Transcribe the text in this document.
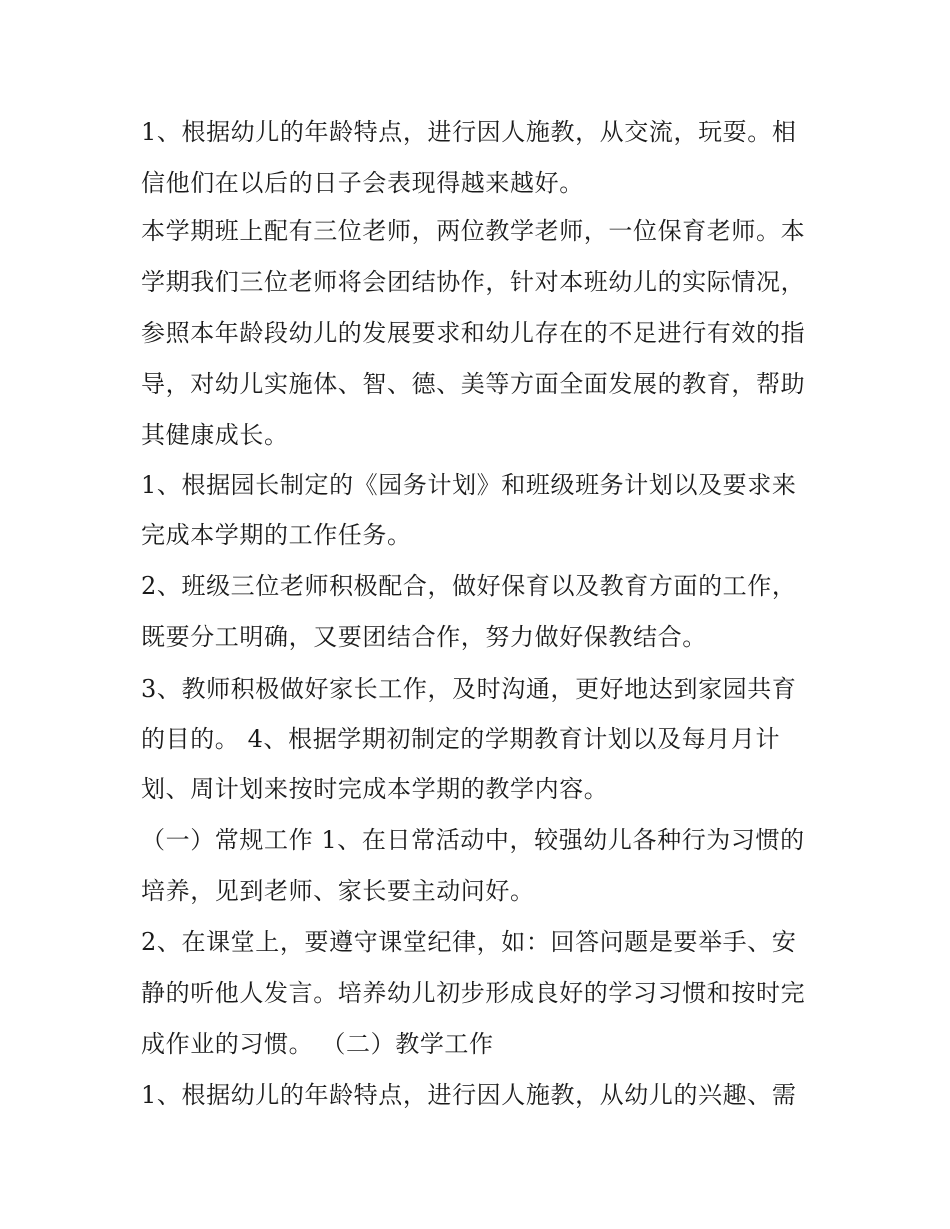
1、根据幼儿的年龄特点，进行因人施教，从交流，玩耍。相
信他们在以后的日子会表现得越来越好。
本学期班上配有三位老师，两位教学老师，一位保育老师。本
学期我们三位老师将会团结协作，针对本班幼儿的实际情况，
参照本年龄段幼儿的发展要求和幼儿存在的不足进行有效的指
导，对幼儿实施体、智、德、美等方面全面发展的教育，帮助
其健康成长。
1、根据园长制定的《园务计划》和班级班务计划以及要求来
完成本学期的工作任务。
2、班级三位老师积极配合，做好保育以及教育方面的工作，
既要分工明确，又要团结合作，努力做好保教结合。
3、教师积极做好家长工作，及时沟通，更好地达到家园共育
的目的。 4、根据学期初制定的学期教育计划以及每月月计
划、周计划来按时完成本学期的教学内容。
（一）常规工作 1、在日常活动中，较强幼儿各种行为习惯的
培养，见到老师、家长要主动问好。
2、在课堂上，要遵守课堂纪律，如：回答问题是要举手、安
静的听他人发言。培养幼儿初步形成良好的学习习惯和按时完
成作业的习惯。 （二）教学工作
1、根据幼儿的年龄特点，进行因人施教，从幼儿的兴趣、需
